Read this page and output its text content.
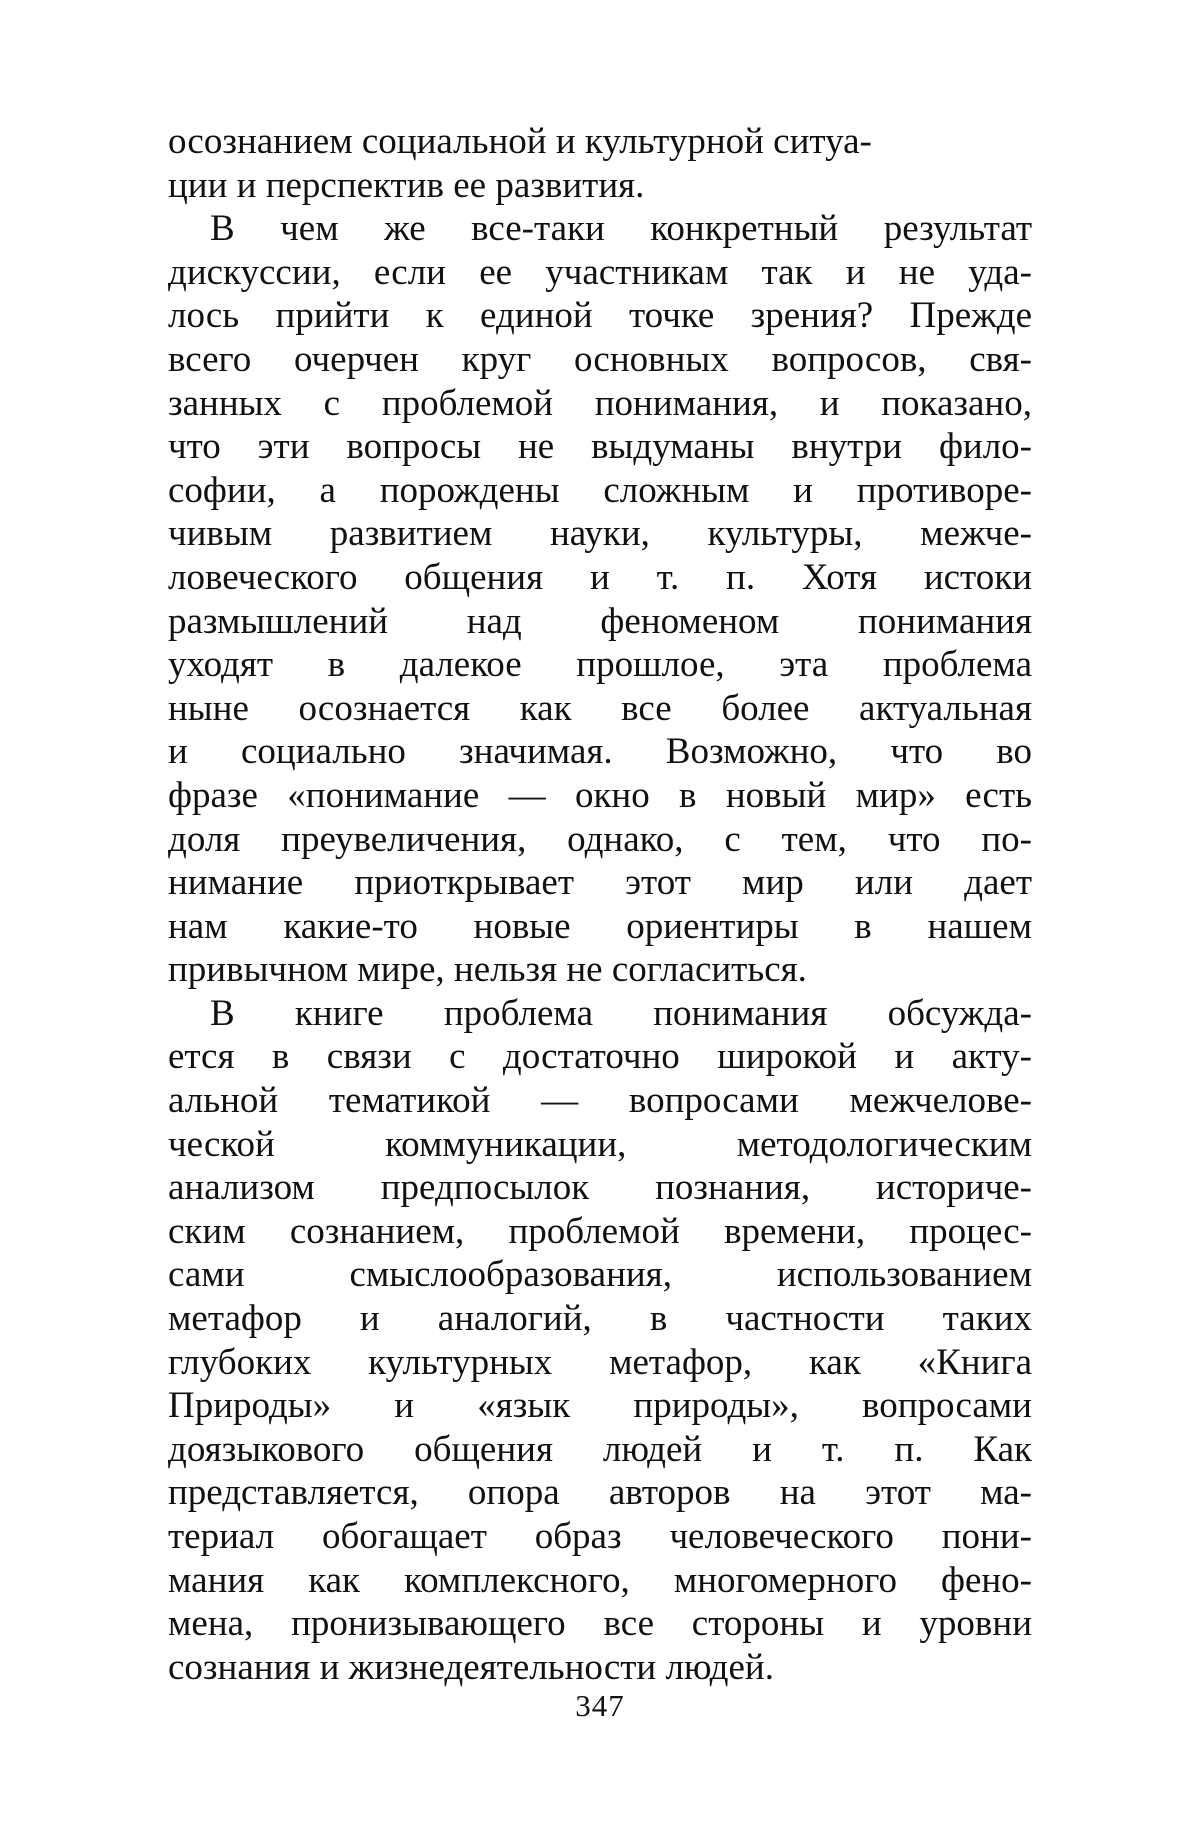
осознанием социальной и культурной ситуа-
ции и перспектив ее развития.
В чем же все-таки конкретный результат
дискуссии, если ее участникам так и не уда-
лось прийти к единой точке зрения? Прежде
всего очерчен круг основных вопросов, свя-
занных с проблемой понимания, и показано,
что эти вопросы не выдуманы внутри фило-
софии, а порождены сложным и противоре-
чивым развитием науки, культуры, межче-
ловеческого общения и т. п. Хотя истоки
размышлений над феноменом понимания
уходят в далекое прошлое, эта проблема
ныне осознается как все более актуальная
и социально значимая. Возможно, что во
фразе «понимание — окно в новый мир» есть
доля преувеличения, однако, с тем, что по-
нимание приоткрывает этот мир или дает
нам какие-то новые ориентиры в нашем
привычном мире, нельзя не согласиться.
В книге проблема понимания обсужда-
ется в связи с достаточно широкой и акту-
альной тематикой — вопросами межчелове-
ческой коммуникации, методологическим
анализом предпосылок познания, историче-
ским сознанием, проблемой времени, процес-
сами смыслообразования, использованием
метафор и аналогий, в частности таких
глубоких культурных метафор, как «Книга
Природы» и «язык природы», вопросами
доязыкового общения людей и т. п. Как
представляется, опора авторов на этот ма-
териал обогащает образ человеческого пони-
мания как комплексного, многомерного фено-
мена, пронизывающего все стороны и уровни
сознания и жизнедеятельности людей.
347
